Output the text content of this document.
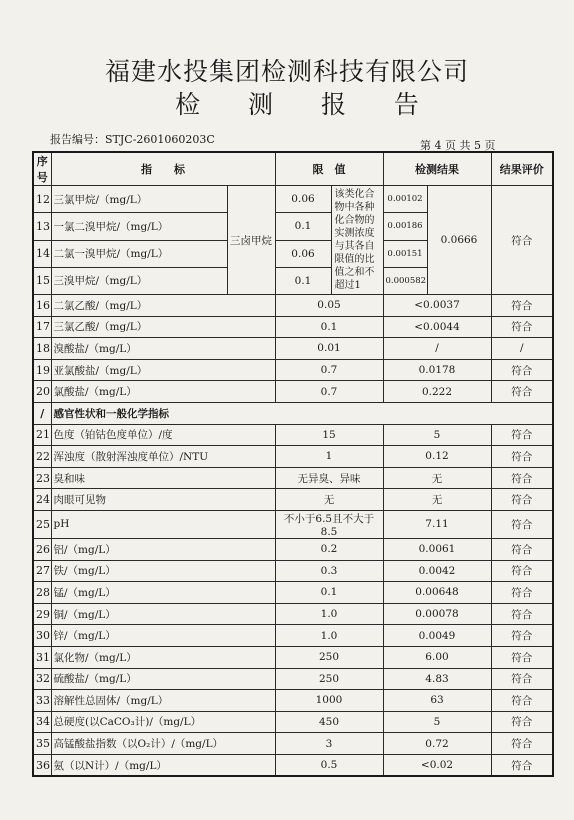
福建水投集团检测科技有限公司
检 测 报 告
报告编号：STJC-2601060203C	第 4 页 共 5 页
序号	指　　标		限　值		检测结果		结果评价
12	三氯甲烷/（mg/L）	三卤甲烷	0.06	该类化合物中各种化合物的实测浓度与其各自限值的比值之和不超过1	0.00102	0.0666	符合
13	一氯二溴甲烷/（mg/L）		0.1		0.00186		
14	二氯一溴甲烷/（mg/L）		0.06		0.00151		
15	三溴甲烷/（mg/L）		0.1		0.000582		
16	二氯乙酸/（mg/L）		0.05		<0.0037		符合
17	三氯乙酸/（mg/L）		0.1		<0.0044		符合
18	溴酸盐/（mg/L）		0.01		/		/
19	亚氯酸盐/（mg/L）		0.7		0.0178		符合
20	氯酸盐/（mg/L）		0.7		0.222		符合
/	感官性状和一般化学指标						
21	色度（铂钴色度单位）/度		15		5		符合
22	浑浊度（散射浑浊度单位）/NTU		1		0.12		符合
23	臭和味		无异臭、异味		无		符合
24	肉眼可见物		无		无		符合
25	pH		不小于6.5且不大于8.5		7.11		符合
26	铝/（mg/L）		0.2		0.0061		符合
27	铁/（mg/L）		0.3		0.0042		符合
28	锰/（mg/L）		0.1		0.00648		符合
29	铜/（mg/L）		1.0		0.00078		符合
30	锌/（mg/L）		1.0		0.0049		符合
31	氯化物/（mg/L）		250		6.00		符合
32	硫酸盐/（mg/L）		250		4.83		符合
33	溶解性总固体/（mg/L）		1000		63		符合
34	总硬度(以CaCO₃计)/（mg/L）		450		5		符合
35	高锰酸盐指数（以O₂计）/（mg/L）		3		0.72		符合
36	氨（以N计）/（mg/L）		0.5		<0.02		符合
